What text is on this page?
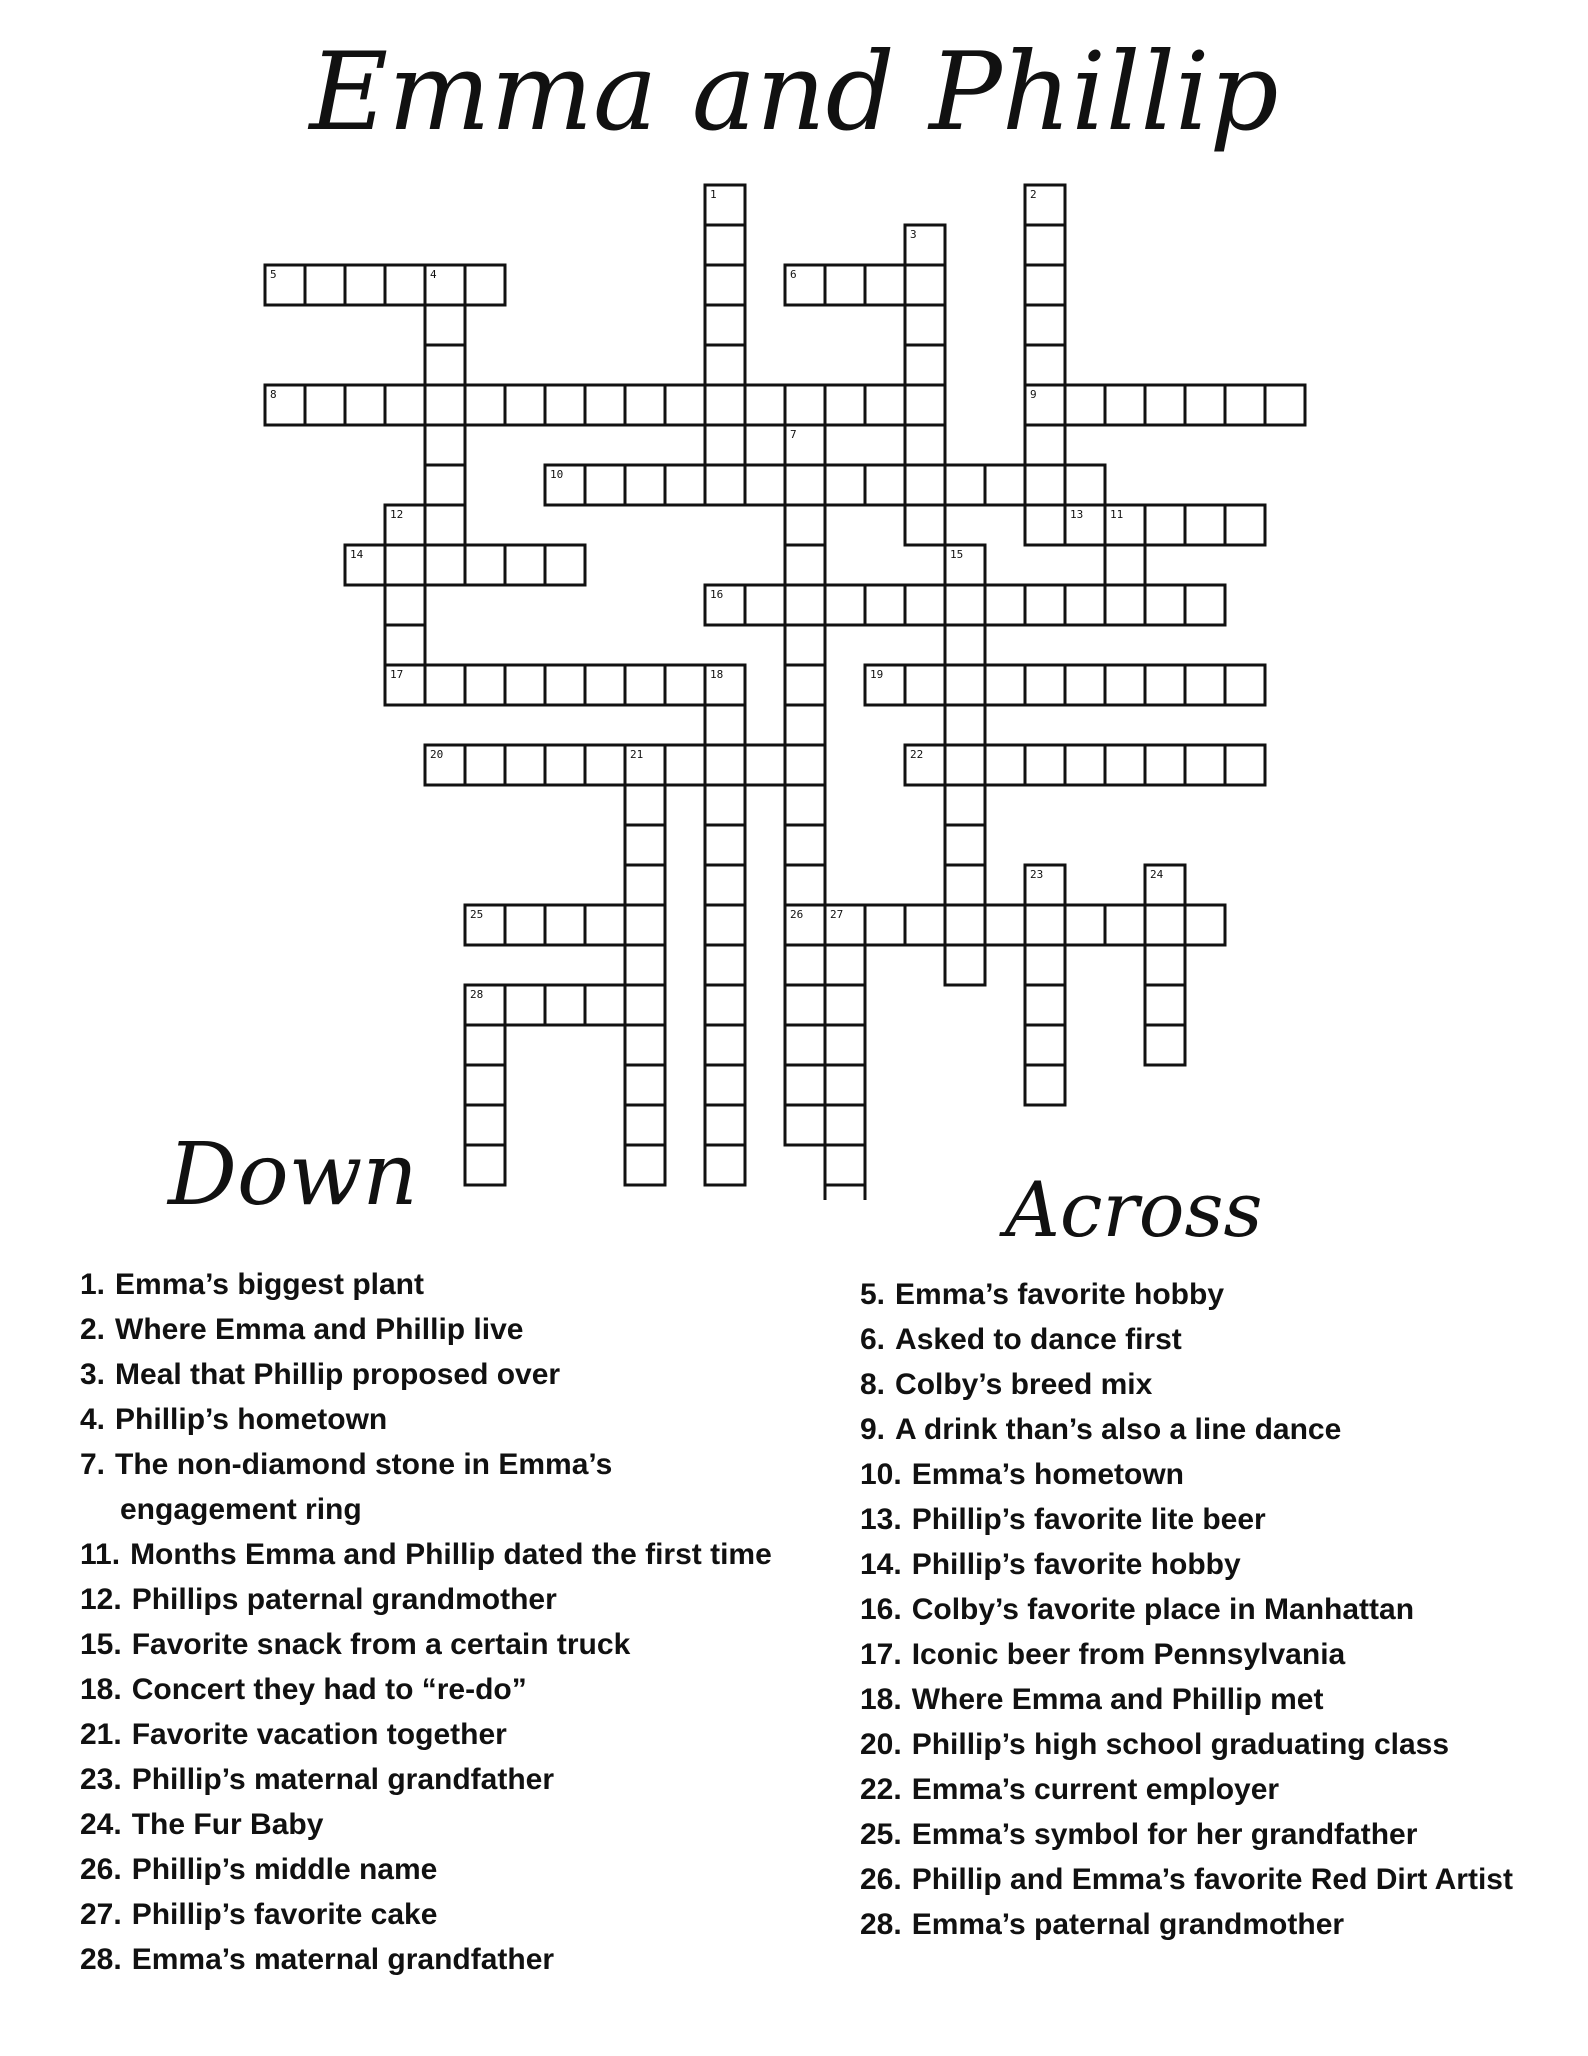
Emma and Phillip
1	2
3
4
5	6
7
8	9
10
11
12	13
14	15
16
17	18	19
20	21	22
23	24
25	26 27
28
Down	Across
1. Emma’s biggest plant
2. Where Emma and Phillip live
3. Meal that Phillip proposed over
4. Phillip’s hometown
7. The non-diamond stone in Emma’s
engagement ring
11. Months Emma and Phillip dated the first time
12. Phillips paternal grandmother
15. Favorite snack from a certain truck
18. Concert they had to “re-do”
21. Favorite vacation together
23. Phillip’s maternal grandfather
24. The Fur Baby
26. Phillip’s middle name
27. Phillip’s favorite cake
28. Emma’s maternal grandfather
5. Emma’s favorite hobby
6. Asked to dance first
8. Colby’s breed mix
9. A drink than’s also a line dance
10. Emma’s hometown
13. Phillip’s favorite lite beer
14. Phillip’s favorite hobby
16. Colby’s favorite place in Manhattan
17. Iconic beer from Pennsylvania
18. Where Emma and Phillip met
20. Phillip’s high school graduating class
22. Emma’s current employer
25. Emma’s symbol for her grandfather
26. Phillip and Emma’s favorite Red Dirt Artist
28. Emma’s paternal grandmother
